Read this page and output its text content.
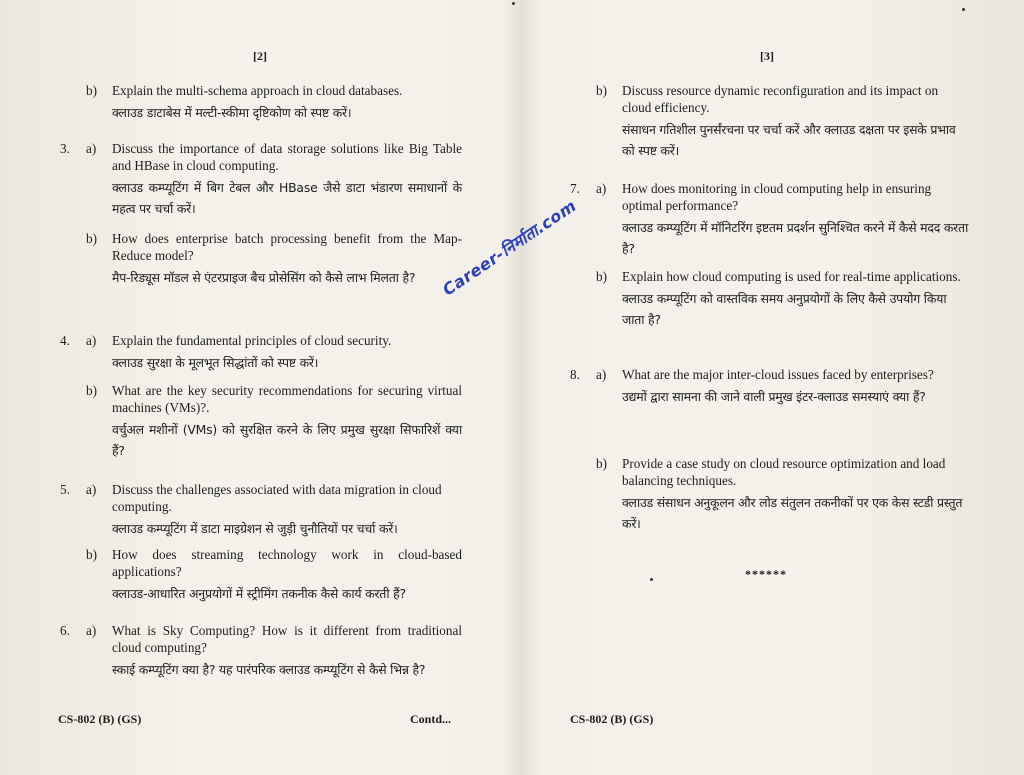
[2]
b)	Explain the multi-schema approach in cloud databases.
क्लाउड डाटाबेस में मल्टी-स्कीमा दृष्टिकोण को स्पष्ट करें।
3.	a)	Discuss the importance of data storage solutions like Big Table and HBase in cloud computing.
क्लाउड कम्प्यूटिंग में बिग टेबल और HBase जैसे डाटा भंडारण समाधानों के महत्व पर चर्चा करें।
b)	How does enterprise batch processing benefit from the Map-Reduce model?
मैप-रिड्यूस मॉडल से एंटरप्राइज बैच प्रोसेसिंग को कैसे लाभ मिलता है?
4.	a)	Explain the fundamental principles of cloud security.
क्लाउड सुरक्षा के मूलभूत सिद्धांतों को स्पष्ट करें।
b)	What are the key security recommendations for securing virtual machines (VMs)?.
वर्चुअल मशीनों (VMs) को सुरक्षित करने के लिए प्रमुख सुरक्षा सिफारिशें क्या हैं?
5.	a)	Discuss the challenges associated with data migration in cloud computing.
क्लाउड कम्प्यूटिंग में डाटा माइग्रेशन से जुड़ी चुनौतियों पर चर्चा करें।
b)	How does streaming technology work in cloud-based applications?
क्लाउड-आधारित अनुप्रयोगों में स्ट्रीमिंग तकनीक कैसे कार्य करती हैं?
6.	a)	What is Sky Computing? How is it different from traditional cloud computing?
स्काई कम्प्यूटिंग क्या है? यह पारंपरिक क्लाउड कम्प्यूटिंग से कैसे भिन्न है?
CS-802 (B) (GS)	Contd...
[3]
b)	Discuss resource dynamic reconfiguration and its impact on cloud efficiency.
संसाधन गतिशील पुनर्संरचना पर चर्चा करें और क्लाउड दक्षता पर इसके प्रभाव को स्पष्ट करें।
7.	a)	How does monitoring in cloud computing help in ensuring optimal performance?
क्लाउड कम्प्यूटिंग में मॉनिटरिंग इष्टतम प्रदर्शन सुनिश्चित करने में कैसे मदद करता है?
b)	Explain how cloud computing is used for real-time applications.
क्लाउड कम्प्यूटिंग को वास्तविक समय अनुप्रयोगों के लिए कैसे उपयोग किया जाता है?
8.	a)	What are the major inter-cloud issues faced by enterprises?
उद्यमों द्वारा सामना की जाने वाली प्रमुख इंटर-क्लाउड समस्याएं क्या हैं?
b)	Provide a case study on cloud resource optimization and load balancing techniques.
क्लाउड संसाधन अनुकूलन और लोड संतुलन तकनीकों पर एक केस स्टडी प्रस्तुत करें।
CS-802 (B) (GS)
******
Career-निर्माता.com
